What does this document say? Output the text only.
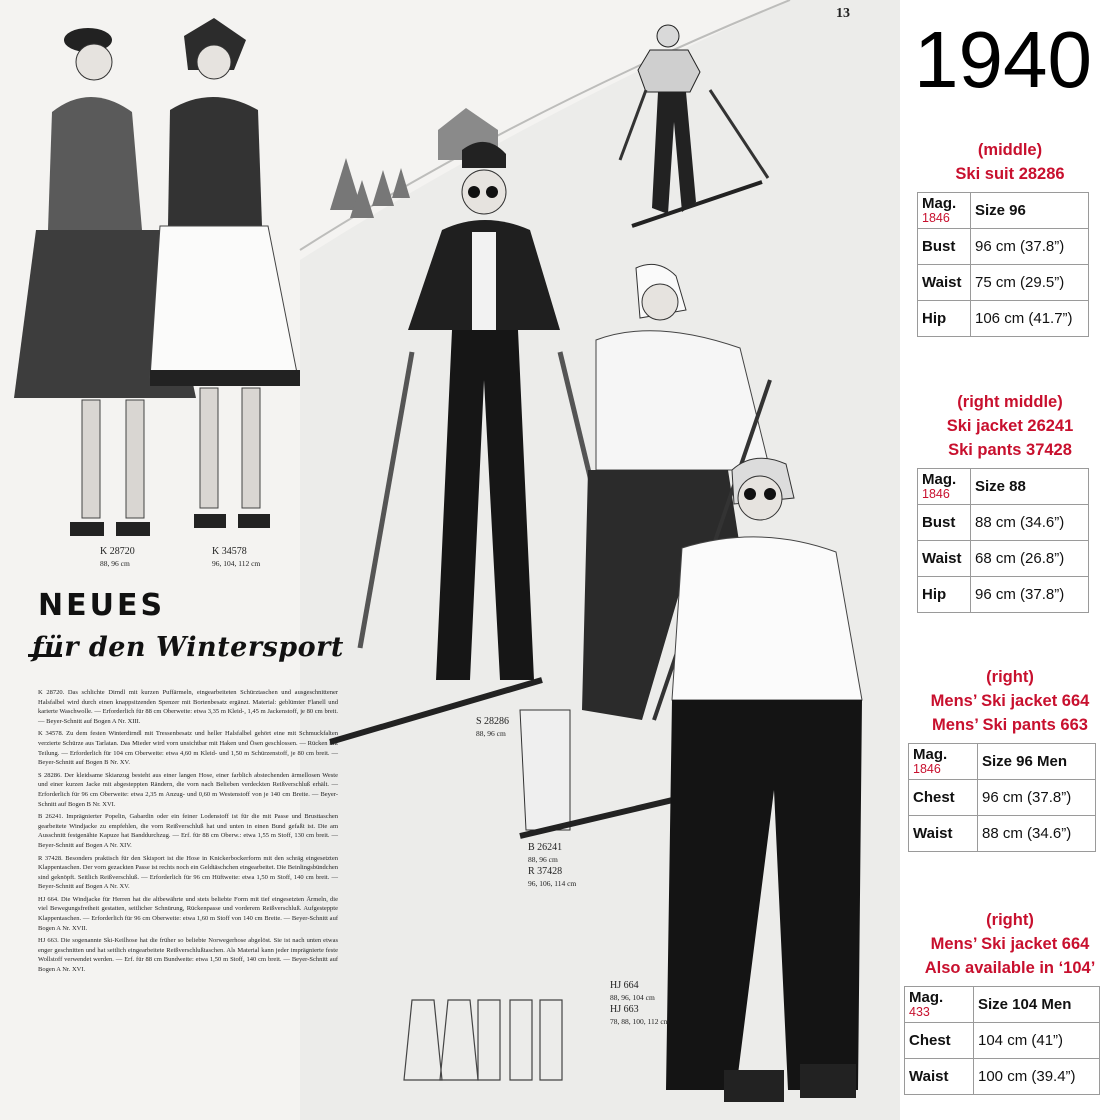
13
K 28720
88, 96 cm
K 34578
96, 104, 112 cm
S 28286
88, 96 cm
B 26241
88, 96 cm
R 37428
96, 106, 114 cm
HJ 664
88, 96, 104 cm
HJ 663
78, 88, 100, 112 cm
NEUES
für den Wintersport

K 28720. Das schlichte Dirndl mit kurzen Puffärmeln, eingearbeiteten Schürztaschen und ausgeschnittener Halsfalbel wird durch einen knappsitzenden Spenzer mit Bortenbesatz ergänzt. Material: geblümter Flanell und karierte Waschwolle. — Erforderlich für 88 cm Oberweite: etwa 3,35 m Kleid-, 1,45 m Jackenstoff, je 80 cm breit. — Beyer-Schnitt auf Bogen A Nr. XIII.

K 34578. Zu dem festen Winterdirndl mit Tressenbesatz und heller Halsfalbel gehört eine mit Schmuckfalten verzierte Schürze aus Tarlatan. Das Mieder wird vorn unsichtbar mit Haken und Ösen geschlossen. — Rücken mit Teilung. — Erforderlich für 104 cm Oberweite: etwa 4,60 m Kleid- und 1,50 m Schürzenstoff, je 80 cm breit. — Beyer-Schnitt auf Bogen B Nr. XV.

S 28286. Der kleidsame Skianzug besteht aus einer langen Hose, einer farblich abstechenden ärmellosen Weste und einer kurzen Jacke mit abgesteppten Rändern, die vorn nach Belieben verdeckten Reißverschluß erhält. — Erforderlich für 96 cm Oberweite: etwa 2,35 m Anzug- und 0,60 m Westenstoff von je 140 cm Breite. — Beyer-Schnitt auf Bogen B Nr. XVI.

B 26241. Imprägnierter Popelin, Gabardin oder ein feiner Lodenstoff ist für die mit Passe und Brusttaschen gearbeitete Windjacke zu empfehlen, die vorn Reißverschluß hat und unten in einen Bund gefaßt ist. Die am Ausschnitt festgenähte Kapuze hat Banddurchzug. — Erf. für 88 cm Oberw.: etwa 1,55 m Stoff, 130 cm breit. — Beyer-Schnitt auf Bogen A Nr. XIV.

R 37428. Besonders praktisch für den Skisport ist die Hose in Knickerbockerform mit den schräg eingesetzten Klappentaschen. Der vorn gezackten Passe ist rechts noch ein Geldtäschchen eingearbeitet. Die Beinlingsbündchen sind geknöpft. Seitlich Reißverschluß. — Erforderlich für 96 cm Hüftweite: etwa 1,50 m Stoff, 140 cm breit. — Beyer-Schnitt auf Bogen A Nr. XV.

HJ 664. Die Windjacke für Herren hat die altbewährte und stets beliebte Form mit tief eingesetzten Ärmeln, die viel Bewegungsfreiheit gestatten, seitlicher Schnürung, Rückenpasse und vorderem Reißverschluß. Aufgesteppte Klappentaschen. — Erforderlich für 96 cm Oberweite: etwa 1,60 m Stoff von 140 cm Breite. — Beyer-Schnitt auf Bogen A Nr. XVII.

HJ 663. Die sogenannte Ski-Keilhose hat die früher so beliebte Norwegerhose abgelöst. Sie ist nach unten etwas enger geschnitten und hat seitlich eingearbeitete Reißverschlußtaschen. Als Material kann jeder imprägnierte feste Wollstoff verwendet werden. — Erf. für 88 cm Bundweite: etwa 1,50 m Stoff, 140 cm breit. — Beyer-Schnitt auf Bogen A Nr. XVI.

1940
(middle)
Ski suit 28286
Mag.
1846	Size 96
Bust	96 cm (37.8”)
Waist	75 cm (29.5”)
Hip	106 cm (41.7”)
(right middle)
Ski jacket 26241
Ski pants 37428
Mag.
1846	Size 88
Bust	88 cm (34.6”)
Waist	68 cm (26.8”)
Hip	96 cm (37.8”)
(right)
Mens’ Ski jacket 664
Mens’ Ski pants 663
Mag.
1846	Size 96 Men
Chest	96 cm (37.8”)
Waist	88 cm (34.6”)
(right)
Mens’ Ski jacket 664
Also available in ‘104’
Mag.
433	Size 104 Men
Chest	104 cm (41”)
Waist	100 cm (39.4”)
